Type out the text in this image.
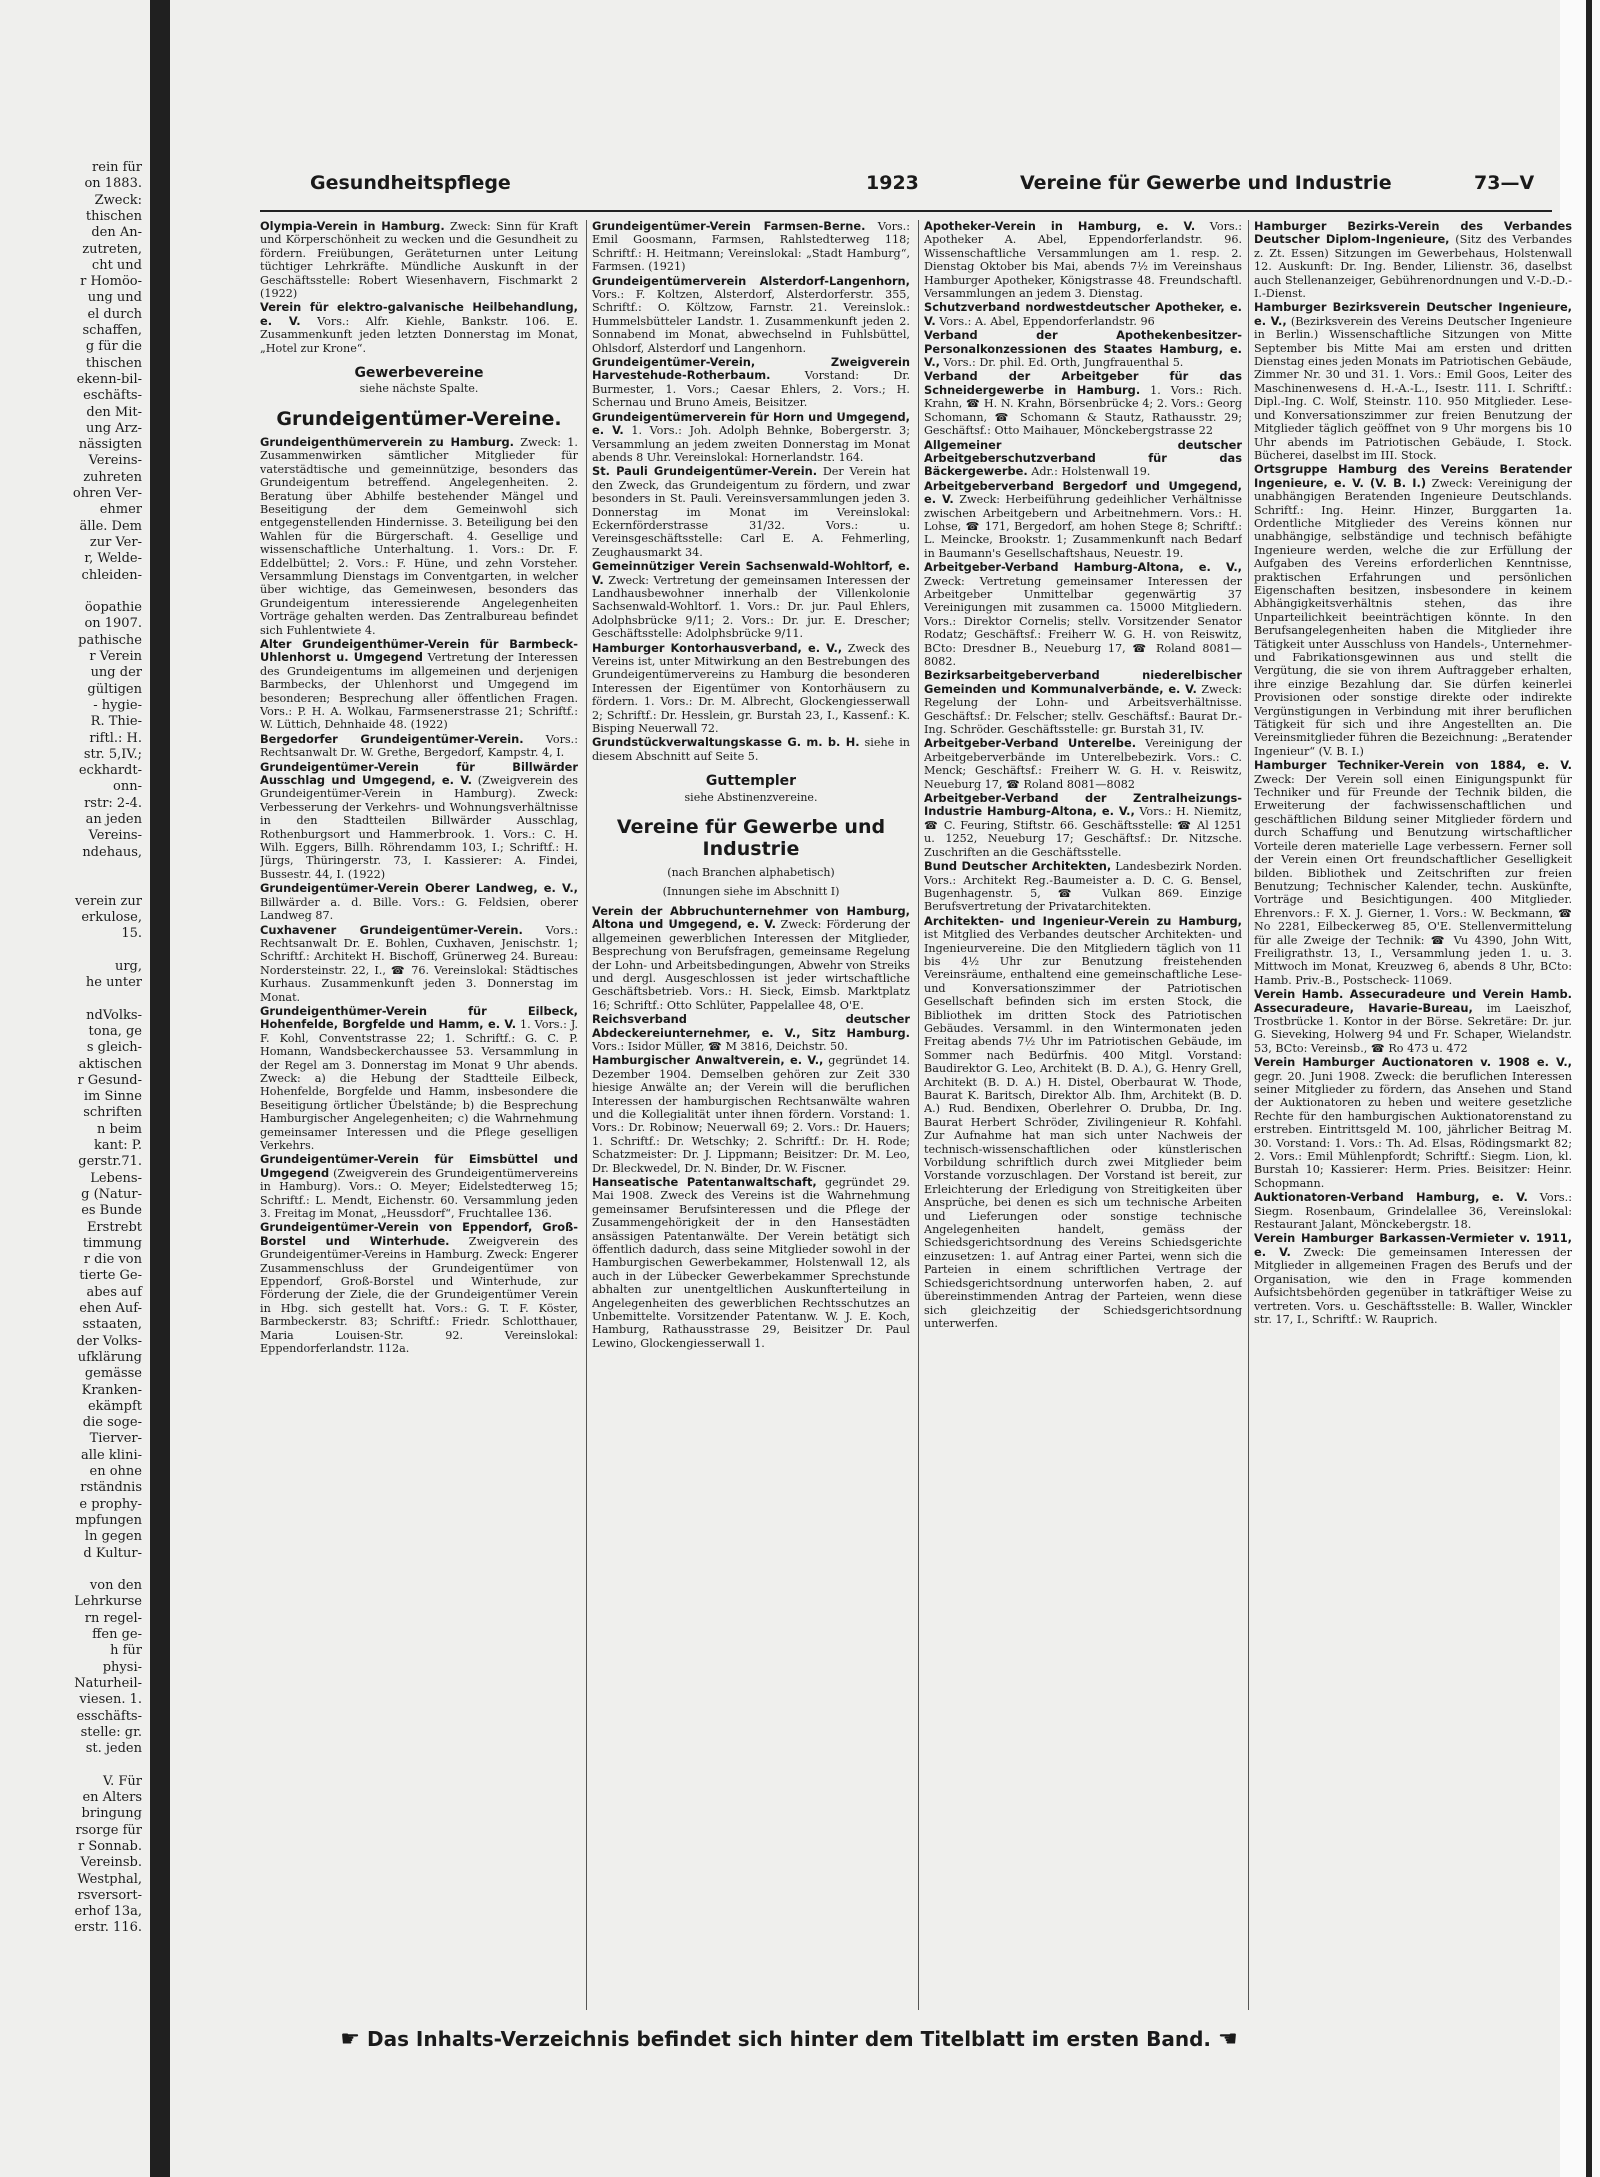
rein für
on 1883.
Zweck:
thischen
den An-
zutreten,
cht und
r Homöo-
ung und
el durch
schaffen,
g für die
thischen
ekenn-bil-
eschäfts-
den Mit-
ung Arz-
nässigten
Vereins-
zuhreten
ohren Ver-
ehmer
älle. Dem
zur Ver-
r, Welde-
chleiden-
öopathie
on 1907.
pathische
r Verein
ung der
gültigen
- hygie-
R. Thie-
riftl.: H.
str. 5,IV.;
eckhardt-
onn-
rstr: 2-4.
an jeden
Vereins-
ndehaus,
verein zur
erkulose,
15.
urg,
he unter
ndVolks-
tona, ge
s gleich-
aktischen
r Gesund-
im Sinne
schriften
n beim
kant: P.
gerstr.71.
Lebens-
g (Natur-
es Bunde
Erstrebt
timmung
r die von
tierte Ge-
abes auf
ehen Auf-
sstaaten,
der Volks-
ufklärung
gemässe
Kranken-
ekämpft
die soge-
Tierver-
alle klini-
en ohne
rständnis
e prophy-
mpfungen
ln gegen
d Kultur-
von den
Lehrkurse
rn regel-
ffen ge-
h für
physi-
Naturheil-
viesen. 1.
esschäfts-
stelle: gr.
st. jeden
V. Für
en Alters
bringung
rsorge für
r Sonnab.
Vereinsb.
Westphal,
rsversort-
erhof 13a,
erstr. 116.
Gesundheitspflege	1923	Vereine für Gewerbe und Industrie	73—V

Olympia-Verein in Hamburg. Zweck: Sinn für Kraft und Körperschönheit zu wecken und die Gesundheit zu fördern. Freiübungen, Geräteturnen unter Leitung tüchtiger Lehrkräfte. Mündliche Auskunft in der Geschäftsstelle: Robert Wiesenhavern, Fischmarkt 2 (1922)

Verein für elektro-galvanische Heilbehandlung, e. V. Vors.: Alfr. Kiehle, Bankstr. 106. E. Zusammenkunft jeden letzten Donnerstag im Monat, „Hotel zur Krone“.

Gewerbevereine
siehe nächste Spalte.
Grundeigentümer-Vereine.

Grundeigenthümerverein zu Hamburg. Zweck: 1. Zusammenwirken sämtlicher Mitglieder für vaterstädtische und gemeinnützige, besonders das Grundeigentum betreffend. Angelegenheiten. 2. Beratung über Abhilfe bestehender Mängel und Beseitigung der dem Gemeinwohl sich entgegenstellenden Hindernisse. 3. Beteiligung bei den Wahlen für die Bürgerschaft. 4. Gesellige und wissenschaftliche Unterhaltung. 1. Vors.: Dr. F. Eddelbüttel; 2. Vors.: F. Hüne, und zehn Vorsteher. Versammlung Dienstags im Conventgarten, in welcher über wichtige, das Gemeinwesen, besonders das Grundeigentum interessierende Angelegenheiten Vorträge gehalten werden. Das Zentralbureau befindet sich Fuhlentwiete 4.

Alter Grundeigenthümer-Verein für Barmbeck-Uhlenhorst u. Umgegend Vertretung der Interessen des Grundeigentums im allgemeinen und derjenigen Barmbecks, der Uhlenhorst und Umgegend im besonderen; Besprechung aller öffentlichen Fragen. Vors.: P. H. A. Wolkau, Farmsenerstrasse 21; Schriftf.: W. Lüttich, Dehnhaide 48. (1922)

Bergedorfer Grundeigentümer-Verein. Vors.: Rechtsanwalt Dr. W. Grethe, Bergedorf, Kampstr. 4, I.

Grundeigentümer-Verein für Billwärder Ausschlag und Umgegend, e. V. (Zweigverein des Grundeigentümer-Verein in Hamburg). Zweck: Verbesserung der Verkehrs- und Wohnungsverhältnisse in den Stadtteilen Billwärder Ausschlag, Rothenburgsort und Hammerbrook. 1. Vors.: C. H. Wilh. Eggers, Billh. Röhrendamm 103, I.; Schriftf.: H. Jürgs, Thüringerstr. 73, I. Kassierer: A. Findei, Bussestr. 44, I. (1922)

Grundeigentümer-Verein Oberer Landweg, e. V., Billwärder a. d. Bille. Vors.: G. Feldsien, oberer Landweg 87.

Cuxhavener Grundeigentümer-Verein. Vors.: Rechtsanwalt Dr. E. Bohlen, Cuxhaven, Jenischstr. 1; Schriftf.: Architekt H. Bischoff, Grünerweg 24. Bureau: Nordersteinstr. 22, I., ☎ 76. Vereinslokal: Städtisches Kurhaus. Zusammenkunft jeden 3. Donnerstag im Monat.

Grundeigenthümer-Verein für Eilbeck, Hohenfelde, Borgfelde und Hamm, e. V. 1. Vors.: J. F. Kohl, Conventstrasse 22; 1. Schriftf.: G. C. P. Homann, Wandsbeckerchaussee 53. Versammlung in der Regel am 3. Donnerstag im Monat 9 Uhr abends. Zweck: a) die Hebung der Stadtteile Eilbeck, Hohenfelde, Borgfelde und Hamm, insbesondere die Beseitigung örtlicher Übelstände; b) die Besprechung Hamburgischer Angelegenheiten; c) die Wahrnehmung gemeinsamer Interessen und die Pflege geselligen Verkehrs.

Grundeigentümer-Verein für Eimsbüttel und Umgegend (Zweigverein des Grundeigentümervereins in Hamburg). Vors.: O. Meyer; Eidelstedterweg 15; Schriftf.: L. Mendt, Eichenstr. 60. Versammlung jeden 3. Freitag im Monat, „Heussdorf“, Fruchtallee 136.

Grundeigentümer-Verein von Eppendorf, Groß-Borstel und Winterhude. Zweigverein des Grundeigentümer-Vereins in Hamburg. Zweck: Engerer Zusammenschluss der Grundeigentümer von Eppendorf, Groß-Borstel und Winterhude, zur Förderung der Ziele, die der Grundeigentümer Verein in Hbg. sich gestellt hat. Vors.: G. T. F. Köster, Barmbeckerstr. 83; Schriftf.: Friedr. Schlotthauer, Maria Louisen-Str. 92. Vereinslokal: Eppendorferlandstr. 112a.

Grundeigentümer-Verein Farmsen-Berne. Vors.: Emil Goosmann, Farmsen, Rahlstedterweg 118; Schriftf.: H. Heitmann; Vereinslokal: „Stadt Hamburg“, Farmsen. (1921)

Grundeigentümerverein Alsterdorf-Langenhorn, Vors.: F. Koltzen, Alsterdorf, Alsterdorferstr. 355, Schriftf.: O. Költzow, Farnstr. 21. Vereinslok.: Hummelsbütteler Landstr. 1. Zusammenkunft jeden 2. Sonnabend im Monat, abwechselnd in Fuhlsbüttel, Ohlsdorf, Alsterdorf und Langenhorn.

Grundeigentümer-Verein, Zweigverein Harvestehude-Rotherbaum. Vorstand: Dr. Burmester, 1. Vors.; Caesar Ehlers, 2. Vors.; H. Schernau und Bruno Ameis, Beisitzer.

Grundeigentümerverein für Horn und Umgegend, e. V. 1. Vors.: Joh. Adolph Behnke, Bobergerstr. 3; Versammlung an jedem zweiten Donnerstag im Monat abends 8 Uhr. Vereinslokal: Hornerlandstr. 164.

St. Pauli Grundeigentümer-Verein. Der Verein hat den Zweck, das Grundeigentum zu fördern, und zwar besonders in St. Pauli. Vereinsversammlungen jeden 3. Donnerstag im Monat im Vereinslokal: Eckernförderstrasse 31/32. Vors.: u. Vereinsgeschäftsstelle: Carl E. A. Fehmerling, Zeughausmarkt 34.

Gemeinnütziger Verein Sachsenwald-Wohltorf, e. V. Zweck: Vertretung der gemeinsamen Interessen der Landhausbewohner innerhalb der Villenkolonie Sachsenwald-Wohltorf. 1. Vors.: Dr. jur. Paul Ehlers, Adolphsbrücke 9/11; 2. Vors.: Dr. jur. E. Drescher; Geschäftsstelle: Adolphsbrücke 9/11.

Hamburger Kontorhausverband, e. V., Zweck des Vereins ist, unter Mitwirkung an den Bestrebungen des Grundeigentümervereins zu Hamburg die besonderen Interessen der Eigentümer von Kontorhäusern zu fördern. 1. Vors.: Dr. M. Albrecht, Glockengiesserwall 2; Schriftf.: Dr. Hesslein, gr. Burstah 23, I., Kassenf.: K. Bisping Neuerwall 72.

Grundstückverwaltungskasse G. m. b. H. siehe in diesem Abschnitt auf Seite 5.

Guttempler
siehe Abstinenzvereine.
Vereine für Gewerbe und Industrie
(nach Branchen alphabetisch)
(Innungen siehe im Abschnitt I)

Verein der Abbruchunternehmer von Hamburg, Altona und Umgegend, e. V. Zweck: Förderung der allgemeinen gewerblichen Interessen der Mitglieder, Besprechung von Berufsfragen, gemeinsame Regelung der Lohn- und Arbeitsbedingungen, Abwehr von Streiks und dergl. Ausgeschlossen ist jeder wirtschaftliche Geschäftsbetrieb. Vors.: H. Sieck, Eimsb. Marktplatz 16; Schriftf.: Otto Schlüter, Pappelallee 48, O'E.

Reichsverband deutscher Abdeckereiunternehmer, e. V., Sitz Hamburg. Vors.: Isidor Müller, ☎ M 3816, Deichstr. 50.

Hamburgischer Anwaltverein, e. V., gegründet 14. Dezember 1904. Demselben gehören zur Zeit 330 hiesige Anwälte an; der Verein will die beruflichen Interessen der hamburgischen Rechtsanwälte wahren und die Kollegialität unter ihnen fördern. Vorstand: 1. Vors.: Dr. Robinow; Neuerwall 69; 2. Vors.: Dr. Hauers; 1. Schriftf.: Dr. Wetschky; 2. Schriftf.: Dr. H. Rode; Schatzmeister: Dr. J. Lippmann; Beisitzer: Dr. M. Leo, Dr. Bleckwedel, Dr. N. Binder, Dr. W. Fiscner.

Hanseatische Patentanwaltschaft, gegründet 29. Mai 1908. Zweck des Vereins ist die Wahrnehmung gemeinsamer Berufsinteressen und die Pflege der Zusammengehörigkeit der in den Hansestädten ansässigen Patentanwälte. Der Verein betätigt sich öffentlich dadurch, dass seine Mitglieder sowohl in der Hamburgischen Gewerbekammer, Holstenwall 12, als auch in der Lübecker Gewerbekammer Sprechstunde abhalten zur unentgeltlichen Auskunfterteilung in Angelegenheiten des gewerblichen Rechtsschutzes an Unbemittelte. Vorsitzender Patentanw. W. J. E. Koch, Hamburg, Rathausstrasse 29, Beisitzer Dr. Paul Lewino, Glockengiesserwall 1.

Apotheker-Verein in Hamburg, e. V. Vors.: Apotheker A. Abel, Eppendorferlandstr. 96. Wissenschaftliche Versammlungen am 1. resp. 2. Dienstag Oktober bis Mai, abends 7½ im Vereinshaus Hamburger Apotheker, Königstrasse 48. Freundschaftl. Versammlungen an jedem 3. Dienstag.

Schutzverband nordwestdeutscher Apotheker, e. V. Vors.: A. Abel, Eppendorferlandstr. 96

Verband der Apothekenbesitzer-Personalkonzessionen des Staates Hamburg, e. V., Vors.: Dr. phil. Ed. Orth, Jungfrauenthal 5.

Verband der Arbeitgeber für das Schneidergewerbe in Hamburg. 1. Vors.: Rich. Krahn, ☎ H. N. Krahn, Börsenbrücke 4; 2. Vors.: Georg Schomann, ☎ Schomann & Stautz, Rathausstr. 29; Geschäftsf.: Otto Maihauer, Mönckebergstrasse 22

Allgemeiner deutscher Arbeitgeberschutzverband für das Bäckergewerbe. Adr.: Holstenwall 19.

Arbeitgeberverband Bergedorf und Umgegend, e. V. Zweck: Herbeiführung gedeihlicher Verhältnisse zwischen Arbeitgebern und Arbeitnehmern. Vors.: H. Lohse, ☎ 171, Bergedorf, am hohen Stege 8; Schriftf.: L. Meincke, Brookstr. 1; Zusammenkunft nach Bedarf in Baumann's Gesellschaftshaus, Neuestr. 19.

Arbeitgeber-Verband Hamburg-Altona, e. V., Zweck: Vertretung gemeinsamer Interessen der Arbeitgeber Unmittelbar gegenwärtig 37 Vereinigungen mit zusammen ca. 15000 Mitgliedern. Vors.: Direktor Cornelis; stellv. Vorsitzender Senator Rodatz; Geschäftsf.: Freiherr W. G. H. von Reiswitz, BCto: Dresdner B., Neueburg 17, ☎ Roland 8081—8082.

Bezirksarbeitgeberverband niederelbischer Gemeinden und Kommunalverbände, e. V. Zweck: Regelung der Lohn- und Arbeitsverhältnisse. Geschäftsf.: Dr. Felscher; stellv. Geschäftsf.: Baurat Dr.-Ing. Schröder. Geschäftsstelle: gr. Burstah 31, IV.

Arbeitgeber-Verband Unterelbe. Vereinigung der Arbeitgeberverbände im Unterelbebezirk. Vors.: C. Menck; Geschäftsf.: Freiherr W. G. H. v. Reiswitz, Neueburg 17, ☎ Roland 8081—8082

Arbeitgeber-Verband der Zentralheizungs-Industrie Hamburg-Altona, e. V., Vors.: H. Niemitz, ☎ C. Feuring, Stiftstr. 66. Geschäftsstelle: ☎ Al 1251 u. 1252, Neueburg 17; Geschäftsf.: Dr. Nitzsche. Zuschriften an die Geschäftsstelle.

Bund Deutscher Architekten, Landesbezirk Norden. Vors.: Architekt Reg.-Baumeister a. D. C. G. Bensel, Bugenhagenstr. 5, ☎ Vulkan 869. Einzige Berufsvertretung der Privatarchitekten.

Architekten- und Ingenieur-Verein zu Hamburg, ist Mitglied des Verbandes deutscher Architekten- und Ingenieurvereine. Die den Mitgliedern täglich von 11 bis 4½ Uhr zur Benutzung freistehenden Vereinsräume, enthaltend eine gemeinschaftliche Lese- und Konversationszimmer der Patriotischen Gesellschaft befinden sich im ersten Stock, die Bibliothek im dritten Stock des Patriotischen Gebäudes. Versamml. in den Wintermonaten jeden Freitag abends 7½ Uhr im Patriotischen Gebäude, im Sommer nach Bedürfnis. 400 Mitgl. Vorstand: Baudirektor G. Leo, Architekt (B. D. A.), G. Henry Grell, Architekt (B. D. A.) H. Distel, Oberbaurat W. Thode, Baurat K. Baritsch, Direktor Alb. Ihm, Architekt (B. D. A.) Rud. Bendixen, Oberlehrer O. Drubba, Dr. Ing. Baurat Herbert Schröder, Zivilingenieur R. Kohfahl. Zur Aufnahme hat man sich unter Nachweis der technisch-wissenschaftlichen oder künstlerischen Vorbildung schriftlich durch zwei Mitglieder beim Vorstande vorzuschlagen. Der Vorstand ist bereit, zur Erleichterung der Erledigung von Streitigkeiten über Ansprüche, bei denen es sich um technische Arbeiten und Lieferungen oder sonstige technische Angelegenheiten handelt, gemäss der Schiedsgerichtsordnung des Vereins Schiedsgerichte einzusetzen: 1. auf Antrag einer Partei, wenn sich die Parteien in einem schriftlichen Vertrage der Schiedsgerichtsordnung unterworfen haben, 2. auf übereinstimmenden Antrag der Parteien, wenn diese sich gleichzeitig der Schiedsgerichtsordnung unterwerfen.

Hamburger Bezirks-Verein des Verbandes Deutscher Diplom-Ingenieure, (Sitz des Verbandes z. Zt. Essen) Sitzungen im Gewerbehaus, Holstenwall 12. Auskunft: Dr. Ing. Bender, Lilienstr. 36, daselbst auch Stellenanzeiger, Gebührenordnungen und V.-D.-D.-I.-Dienst.

Hamburger Bezirksverein Deutscher Ingenieure, e. V., (Bezirksverein des Vereins Deutscher Ingenieure in Berlin.) Wissenschaftliche Sitzungen von Mitte September bis Mitte Mai am ersten und dritten Dienstag eines jeden Monats im Patriotischen Gebäude, Zimmer Nr. 30 und 31. 1. Vors.: Emil Goos, Leiter des Maschinenwesens d. H.-A.-L., Isestr. 111. I. Schriftf.: Dipl.-Ing. C. Wolf, Steinstr. 110. 950 Mitglieder. Lese- und Konversationszimmer zur freien Benutzung der Mitglieder täglich geöffnet von 9 Uhr morgens bis 10 Uhr abends im Patriotischen Gebäude, I. Stock. Bücherei, daselbst im III. Stock.

Ortsgruppe Hamburg des Vereins Beratender Ingenieure, e. V. (V. B. I.) Zweck: Vereinigung der unabhängigen Beratenden Ingenieure Deutschlands. Schriftf.: Ing. Heinr. Hinzer, Burggarten 1a. Ordentliche Mitglieder des Vereins können nur unabhängige, selbständige und technisch befähigte Ingenieure werden, welche die zur Erfüllung der Aufgaben des Vereins erforderlichen Kenntnisse, praktischen Erfahrungen und persönlichen Eigenschaften besitzen, insbesondere in keinem Abhängigkeitsverhältnis stehen, das ihre Unparteilichkeit beeinträchtigen könnte. In den Berufsangelegenheiten haben die Mitglieder ihre Tätigkeit unter Ausschluss von Handels-, Unternehmer- und Fabrikationsgewinnen aus und stellt die Vergütung, die sie von ihrem Auftraggeber erhalten, ihre einzige Bezahlung dar. Sie dürfen keinerlei Provisionen oder sonstige direkte oder indirekte Vergünstigungen in Verbindung mit ihrer beruflichen Tätigkeit für sich und ihre Angestellten an. Die Vereinsmitglieder führen die Bezeichnung: „Beratender Ingenieur“ (V. B. I.)

Hamburger Techniker-Verein von 1884, e. V. Zweck: Der Verein soll einen Einigungspunkt für Techniker und für Freunde der Technik bilden, die Erweiterung der fachwissenschaftlichen und geschäftlichen Bildung seiner Mitglieder fördern und durch Schaffung und Benutzung wirtschaftlicher Vorteile deren materielle Lage verbessern. Ferner soll der Verein einen Ort freundschaftlicher Geselligkeit bilden. Bibliothek und Zeitschriften zur freien Benutzung; Technischer Kalender, techn. Auskünfte, Vorträge und Besichtigungen. 400 Mitglieder. Ehrenvors.: F. X. J. Gierner, 1. Vors.: W. Beckmann, ☎ No 2281, Eilbeckerweg 85, O'E. Stellenvermittelung für alle Zweige der Technik: ☎ Vu 4390, John Witt, Freiligrathstr. 13, I., Versammlung jeden 1. u. 3. Mittwoch im Monat, Kreuzweg 6, abends 8 Uhr, BCto: Hamb. Priv.-B., Postscheck- 11069.

Verein Hamb. Assecuradeure und Verein Hamb. Assecuradeure, Havarie-Bureau, im Laeiszhof, Trostbrücke 1. Kontor in der Börse. Sekretäre: Dr. jur. G. Sieveking, Holwerg 94 und Fr. Schaper, Wielandstr. 53, BCto: Vereinsb., ☎ Ro 473 u. 472

Verein Hamburger Auctionatoren v. 1908 e. V., gegr. 20. Juni 1908. Zweck: die beruflichen Interessen seiner Mitglieder zu fördern, das Ansehen und Stand der Auktionatoren zu heben und weitere gesetzliche Rechte für den hamburgischen Auktionatorenstand zu erstreben. Eintrittsgeld M. 100, jährlicher Beitrag M. 30. Vorstand: 1. Vors.: Th. Ad. Elsas, Rödingsmarkt 82; 2. Vors.: Emil Mühlenpfordt; Schriftf.: Siegm. Lion, kl. Burstah 10; Kassierer: Herm. Pries. Beisitzer: Heinr. Schopmann.

Auktionatoren-Verband Hamburg, e. V. Vors.: Siegm. Rosenbaum, Grindelallee 36, Vereinslokal: Restaurant Jalant, Mönckebergstr. 18.

Verein Hamburger Barkassen-Vermieter v. 1911, e. V. Zweck: Die gemeinsamen Interessen der Mitglieder in allgemeinen Fragen des Berufs und der Organisation, wie den in Frage kommenden Aufsichtsbehörden gegenüber in tatkräftiger Weise zu vertreten. Vors. u. Geschäftsstelle: B. Waller, Winckler str. 17, I., Schriftf.: W. Rauprich.

☛ Das Inhalts-Verzeichnis befindet sich hinter dem Titelblatt im ersten Band. ☚
